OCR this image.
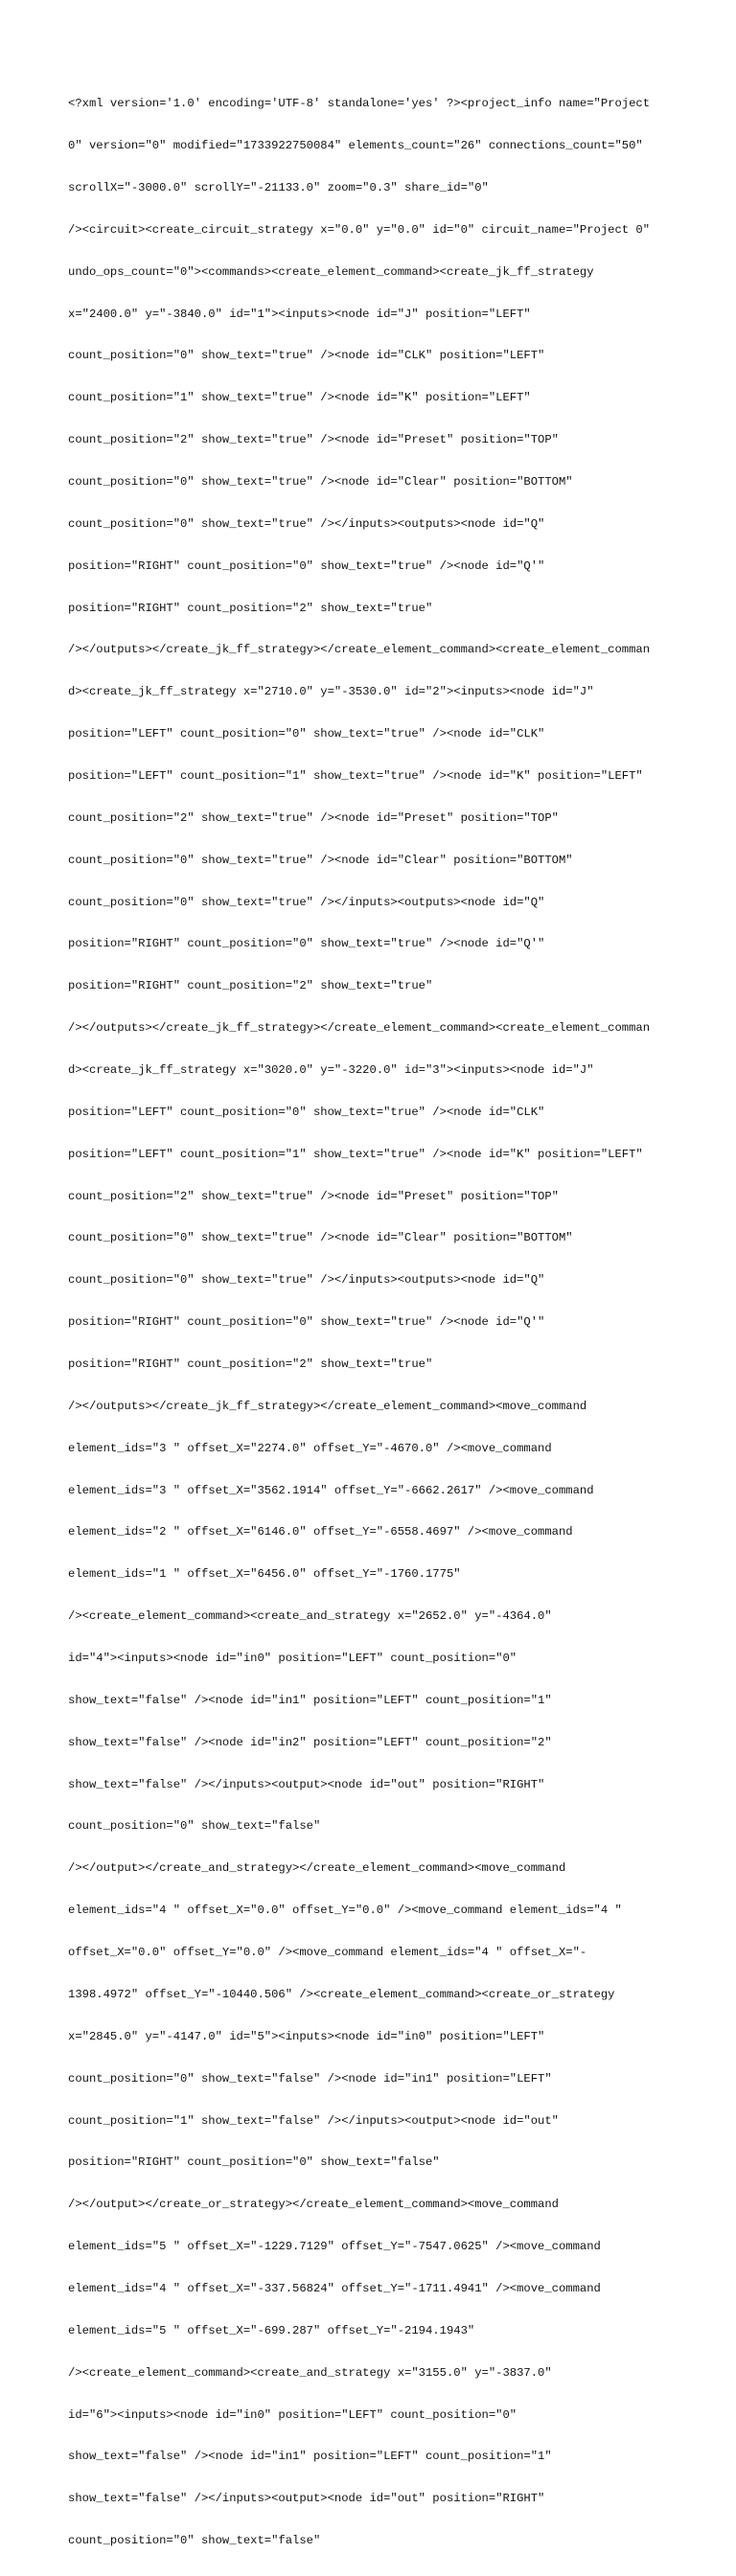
<?xml version='1.0' encoding='UTF-8' standalone='yes' ?><project_info name="Project

0" version="0" modified="1733922750084" elements_count="26" connections_count="50"

scrollX="-3000.0" scrollY="-21133.0" zoom="0.3" share_id="0"

/><circuit><create_circuit_strategy x="0.0" y="0.0" id="0" circuit_name="Project 0"

undo_ops_count="0"><commands><create_element_command><create_jk_ff_strategy

x="2400.0" y="-3840.0" id="1"><inputs><node id="J" position="LEFT"

count_position="0" show_text="true" /><node id="CLK" position="LEFT"

count_position="1" show_text="true" /><node id="K" position="LEFT"

count_position="2" show_text="true" /><node id="Preset" position="TOP"

count_position="0" show_text="true" /><node id="Clear" position="BOTTOM"

count_position="0" show_text="true" /></inputs><outputs><node id="Q"

position="RIGHT" count_position="0" show_text="true" /><node id="Q'"

position="RIGHT" count_position="2" show_text="true"

/></outputs></create_jk_ff_strategy></create_element_command><create_element_comman

d><create_jk_ff_strategy x="2710.0" y="-3530.0" id="2"><inputs><node id="J"

position="LEFT" count_position="0" show_text="true" /><node id="CLK"

position="LEFT" count_position="1" show_text="true" /><node id="K" position="LEFT"

count_position="2" show_text="true" /><node id="Preset" position="TOP"

count_position="0" show_text="true" /><node id="Clear" position="BOTTOM"

count_position="0" show_text="true" /></inputs><outputs><node id="Q"

position="RIGHT" count_position="0" show_text="true" /><node id="Q'"

position="RIGHT" count_position="2" show_text="true"

/></outputs></create_jk_ff_strategy></create_element_command><create_element_comman

d><create_jk_ff_strategy x="3020.0" y="-3220.0" id="3"><inputs><node id="J"

position="LEFT" count_position="0" show_text="true" /><node id="CLK"

position="LEFT" count_position="1" show_text="true" /><node id="K" position="LEFT"

count_position="2" show_text="true" /><node id="Preset" position="TOP"

count_position="0" show_text="true" /><node id="Clear" position="BOTTOM"

count_position="0" show_text="true" /></inputs><outputs><node id="Q"

position="RIGHT" count_position="0" show_text="true" /><node id="Q'"

position="RIGHT" count_position="2" show_text="true"

/></outputs></create_jk_ff_strategy></create_element_command><move_command

element_ids="3 " offset_X="2274.0" offset_Y="-4670.0" /><move_command

element_ids="3 " offset_X="3562.1914" offset_Y="-6662.2617" /><move_command

element_ids="2 " offset_X="6146.0" offset_Y="-6558.4697" /><move_command

element_ids="1 " offset_X="6456.0" offset_Y="-1760.1775"

/><create_element_command><create_and_strategy x="2652.0" y="-4364.0"

id="4"><inputs><node id="in0" position="LEFT" count_position="0"

show_text="false" /><node id="in1" position="LEFT" count_position="1"

show_text="false" /><node id="in2" position="LEFT" count_position="2"

show_text="false" /></inputs><output><node id="out" position="RIGHT"

count_position="0" show_text="false"

/></output></create_and_strategy></create_element_command><move_command

element_ids="4 " offset_X="0.0" offset_Y="0.0" /><move_command element_ids="4 "

offset_X="0.0" offset_Y="0.0" /><move_command element_ids="4 " offset_X="-

1398.4972" offset_Y="-10440.506" /><create_element_command><create_or_strategy

x="2845.0" y="-4147.0" id="5"><inputs><node id="in0" position="LEFT"

count_position="0" show_text="false" /><node id="in1" position="LEFT"

count_position="1" show_text="false" /></inputs><output><node id="out"

position="RIGHT" count_position="0" show_text="false"

/></output></create_or_strategy></create_element_command><move_command

element_ids="5 " offset_X="-1229.7129" offset_Y="-7547.0625" /><move_command

element_ids="4 " offset_X="-337.56824" offset_Y="-1711.4941" /><move_command

element_ids="5 " offset_X="-699.287" offset_Y="-2194.1943"

/><create_element_command><create_and_strategy x="3155.0" y="-3837.0"

id="6"><inputs><node id="in0" position="LEFT" count_position="0"

show_text="false" /><node id="in1" position="LEFT" count_position="1"

show_text="false" /></inputs><output><node id="out" position="RIGHT"

count_position="0" show_text="false"
